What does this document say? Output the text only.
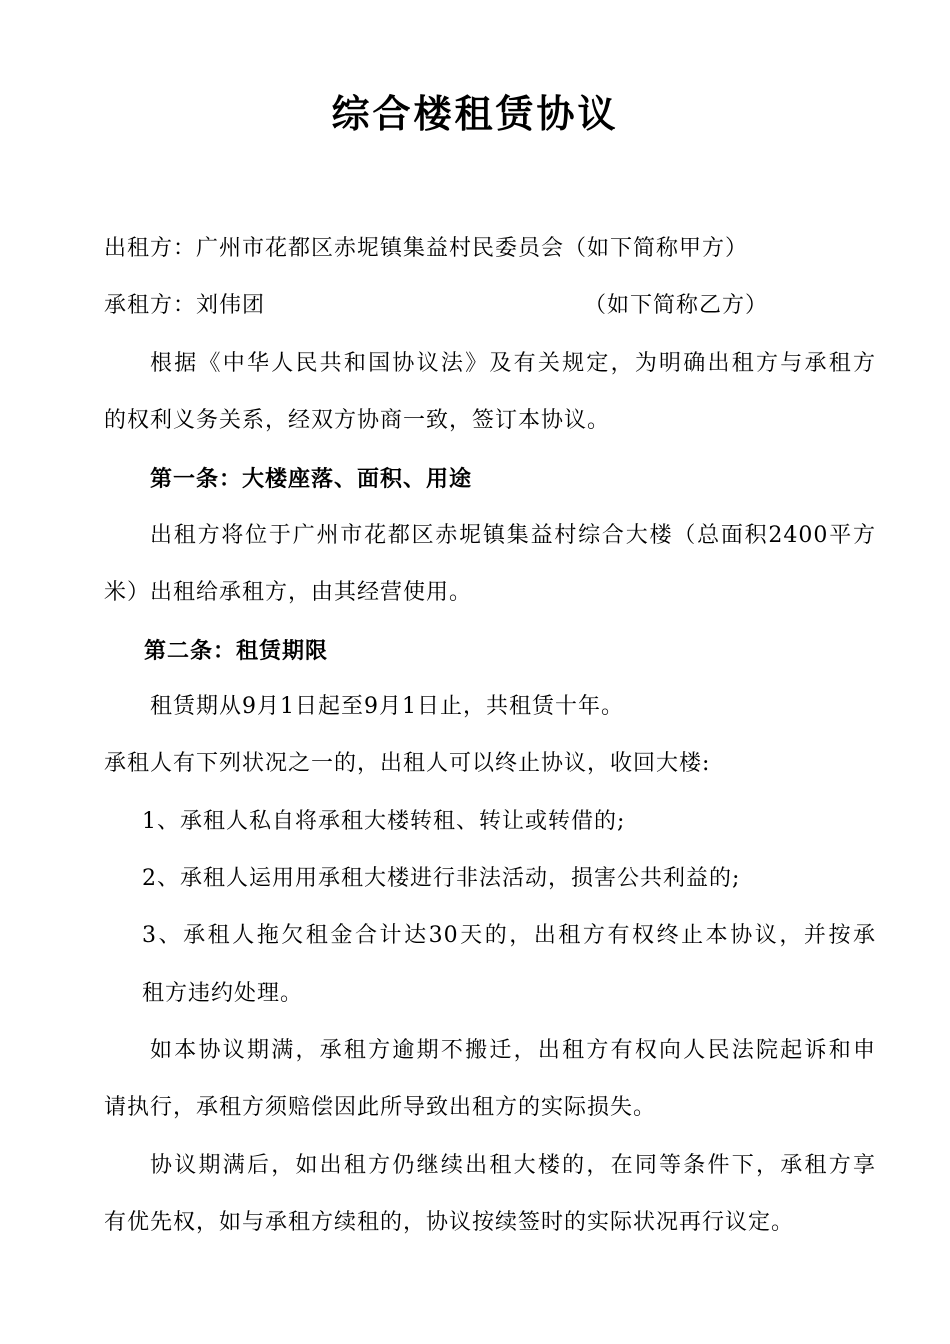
综合楼租赁协议
出租方：广州市花都区赤坭镇集益村民委员会（如下简称甲方）
承租方：刘伟团	（如下简称乙方）
根据《中华人民共和国协议法》及有关规定，为明确出租方与承租方
的权利义务关系，经双方协商一致，签订本协议。
第一条：大楼座落、面积、用途
出租方将位于广州市花都区赤坭镇集益村综合大楼（总面积2400平方
米）出租给承租方，由其经营使用。
第二条：租赁期限
租赁期从9月1日起至9月1日止，共租赁十年。
承租人有下列状况之一的，出租人可以终止协议，收回大楼:
1、承租人私自将承租大楼转租、转让或转借的;
2、承租人运用用承租大楼进行非法活动，损害公共利益的;
3、承租人拖欠租金合计达30天的，出租方有权终止本协议，并按承
租方违约处理。
如本协议期满，承租方逾期不搬迁，出租方有权向人民法院起诉和申
请执行，承租方须赔偿因此所导致出租方的实际损失。
协议期满后，如出租方仍继续出租大楼的，在同等条件下，承租方享
有优先权，如与承租方续租的，协议按续签时的实际状况再行议定。
